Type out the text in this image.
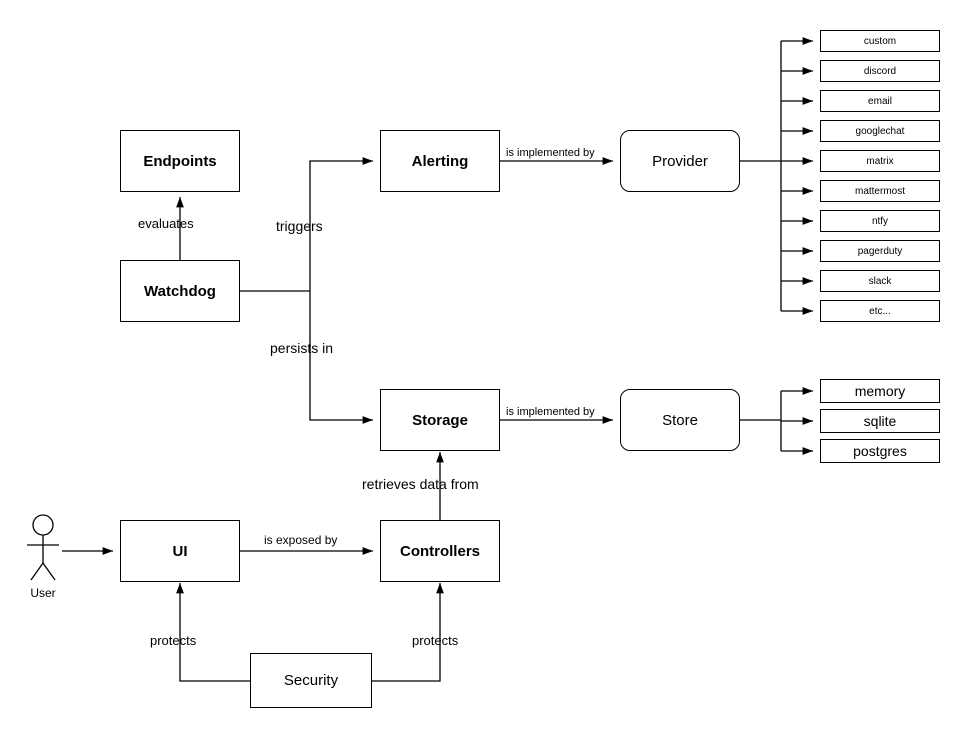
Endpoints
Watchdog
Alerting	Provider
Storage	Store
UI	Controllers
Security
custom
discord
email
googlechat
matrix
mattermost
ntfy
pagerduty
slack
etc...
memory
sqlite
postgres
evaluates	triggers
persists in
is implemented by
is implemented by
retrieves data from
is exposed by
protects	protects
User
